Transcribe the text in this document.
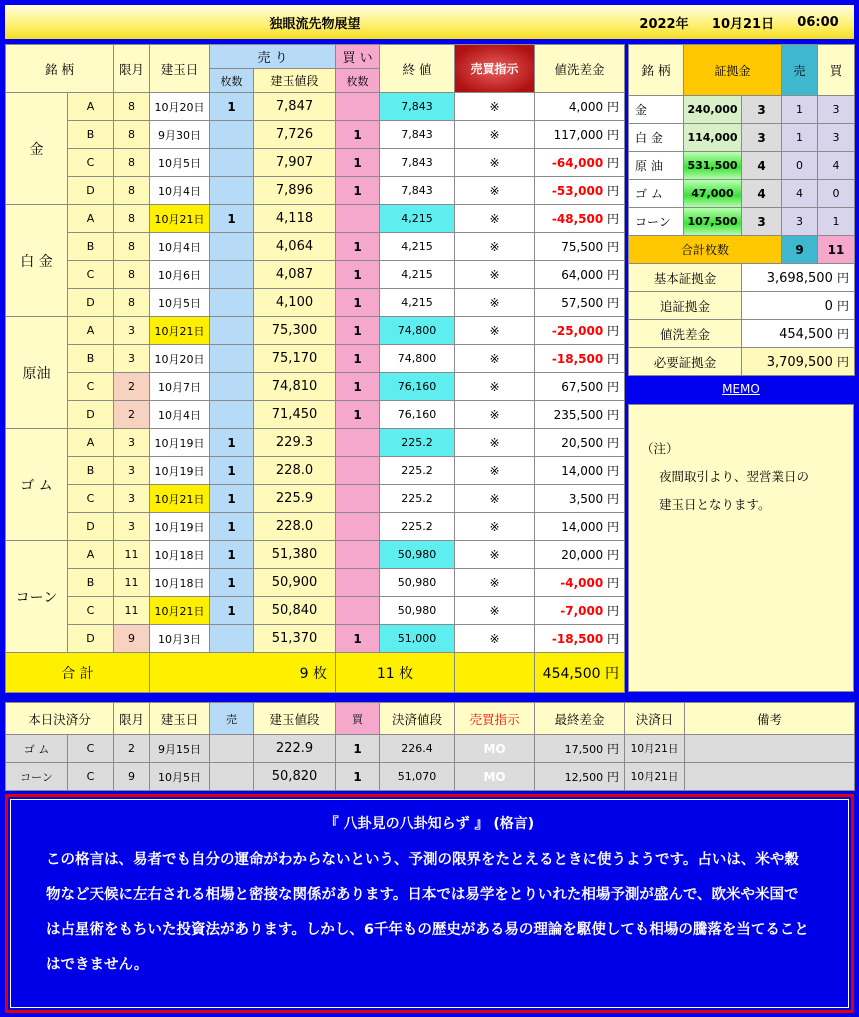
独眼流先物展望	2022年	10月21日	06:00
銘 柄		限月	建玉日	売 り		買 い	終 値	売買指示	値洗差金
				枚数	建玉値段	枚数			
金	A	8	10月20日	1	7,847		7,843	※	4,000 円
	B	8	9月30日		7,726	1	7,843	※	117,000 円
	C	8	10月5日		7,907	1	7,843	※	-64,000 円
	D	8	10月4日		7,896	1	7,843	※	-53,000 円
白 金	A	8	10月21日	1	4,118		4,215	※	-48,500 円
	B	8	10月4日		4,064	1	4,215	※	75,500 円
	C	8	10月6日		4,087	1	4,215	※	64,000 円
	D	8	10月5日		4,100	1	4,215	※	57,500 円
原油	A	3	10月21日		75,300	1	74,800	※	-25,000 円
	B	3	10月20日		75,170	1	74,800	※	-18,500 円
	C	2	10月7日		74,810	1	76,160	※	67,500 円
	D	2	10月4日		71,450	1	76,160	※	235,500 円
ゴ ム	A	3	10月19日	1	229.3		225.2	※	20,500 円
	B	3	10月19日	1	228.0		225.2	※	14,000 円
	C	3	10月21日	1	225.9		225.2	※	3,500 円
	D	3	10月19日	1	228.0		225.2	※	14,000 円
コーン	A	11	10月18日	1	51,380		50,980	※	20,000 円
	B	11	10月18日	1	50,900		50,980	※	-4,000 円
	C	11	10月21日	1	50,840		50,980	※	-7,000 円
	D	9	10月3日		51,370	1	51,000	※	-18,500 円
合 計			9 枚			11 枚			454,500 円
銘 柄	証拠金		売	買
金	240,000	3	1	3
白 金	114,000	3	1	3
原 油	531,500	4	0	4
ゴ ム	47,000	4	4	0
コーン	107,500	3	3	1
合計枚数			9	11
基本証拠金		3,698,500 円		
追証拠金		0 円		
値洗差金		454,500 円		
必要証拠金		3,709,500 円		
MEMO
（注）
夜間取引より、翌営業日の
建玉日となります。
本日決済分		限月	建玉日	売	建玉値段	買	決済値段	売買指示	最終差金	決済日	備考
ゴ ム	C	2	9月15日		222.9	1	226.4	MO	17,500 円	10月21日	
コーン	C	9	10月5日		50,820	1	51,070	MO	12,500 円	10月21日	
『 八卦見の八卦知らず 』 (格言)
この格言は、易者でも自分の運命がわからないという、予測の限界をたとえるときに使うようです。占いは、米や穀物など天候に左右される相場と密接な関係があります。日本では易学をとりいれた相場予測が盛んで、欧米や米国では占星術をもちいた投資法があります。しかし、6千年もの歴史がある易の理論を駆使しても相場の騰落を当てることはできません。
